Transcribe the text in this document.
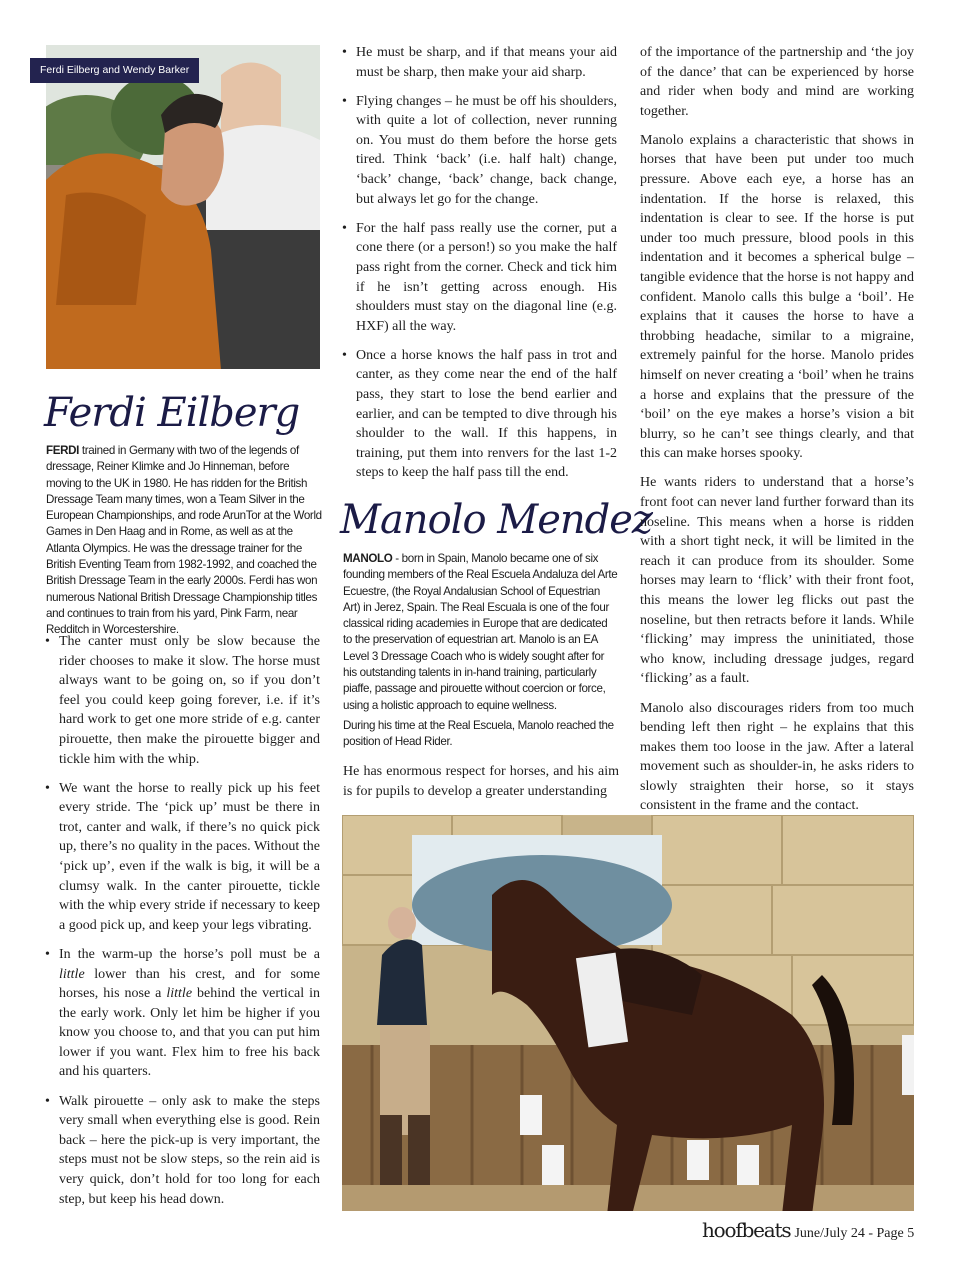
Ferdi Eilberg and Wendy Barker
Ferdi Eilberg
FERDI trained in Germany with two of the legends of dressage, Reiner Klimke and Jo Hinneman, before moving to the UK in 1980. He has ridden for the British Dressage Team many times, won a Team Silver in the European Championships, and rode ArunTor at the World Games in Den Haag and in Rome, as well as at the Atlanta Olympics. He was the dressage trainer for the British Eventing Team from 1982-1992, and coached the British Dressage Team in the early 2000s. Ferdi has won numerous National British Dressage Championship titles and continues to train from his yard, Pink Farm, near Redditch in Worcestershire.
• The canter must only be slow because the rider chooses to make it slow. The horse must always want to be going on, so if you don’t feel you could keep going forever, i.e. if it’s hard work to get one more stride of e.g. canter pirouette, then make the pirouette bigger and tickle him with the whip.
• We want the horse to really pick up his feet every stride. The ‘pick up’ must be there in trot, canter and walk, if there’s no quick pick up, there’s no quality in the paces. Without the ‘pick up’, even if the walk is big, it will be a clumsy walk. In the canter pirouette, tickle with the whip every stride if necessary to keep a good pick up, and keep your legs vibrating.
• In the warm-up the horse’s poll must be a little lower than his crest, and for some horses, his nose a little behind the vertical in the early work. Only let him be higher if you know you choose to, and that you can put him lower if you want. Flex him to free his back and his quarters.
• Walk pirouette – only ask to make the steps very small when everything else is good. Rein back – here the pick-up is very important, the steps must not be slow steps, so the rein aid is very quick, don’t hold for too long for each step, but keep his head down.
• He must be sharp, and if that means your aid must be sharp, then make your aid sharp.
• Flying changes – he must be off his shoulders, with quite a lot of collection, never running on. You must do them before the horse gets tired. Think ‘back’ (i.e. half halt) change, ‘back’ change, ‘back’ change, back change, but always let go for the change.
• For the half pass really use the corner, put a cone there (or a person!) so you make the half pass right from the corner. Check and tick him if he isn’t getting across enough. His shoulders must stay on the diagonal line (e.g. HXF) all the way.
• Once a horse knows the half pass in trot and canter, as they come near the end of the half pass, they start to lose the bend earlier and earlier, and can be tempted to dive through his shoulder to the wall. If this happens, in training, put them into renvers for the last 1-2 steps to keep the half pass till the end.
Manolo Mendez
MANOLO - born in Spain, Manolo became one of six founding members of the Real Escuela Andaluza del Arte Ecuestre, (the Royal Andalusian School of Equestrian Art) in Jerez, Spain. The Real Escuala is one of the four classical riding academies in Europe that are dedicated to the preservation of equestrian art. Manolo is an EA Level 3 Dressage Coach who is widely sought after for his outstanding talents in in-hand training, particularly piaffe, passage and pirouette without coercion or force, using a holistic approach to equine wellness.
During his time at the Real Escuela, Manolo reached the position of Head Rider.
He has enormous respect for horses, and his aim is for pupils to develop a greater understanding

of the importance of the partnership and ‘the joy of the dance’ that can be experienced by horse and rider when body and mind are working together.

Manolo explains a characteristic that shows in horses that have been put under too much pressure. Above each eye, a horse has an indentation. If the horse is relaxed, this indentation is clear to see. If the horse is put under too much pressure, blood pools in this indentation and it becomes a spherical bulge – tangible evidence that the horse is not happy and confident. Manolo calls this bulge a ‘boil’. He explains that it causes the horse to have a throbbing headache, similar to a migraine, extremely painful for the horse. Manolo prides himself on never creating a ‘boil’ when he trains a horse and explains that the pressure of the ‘boil’ on the eye makes a horse’s vision a bit blurry, so he can’t see things clearly, and that this can make horses spooky.

He wants riders to understand that a horse’s front foot can never land further forward than its noseline. This means when a horse is ridden with a short tight neck, it will be limited in the reach it can produce from its shoulder. Some horses may learn to ‘flick’ with their front foot, this means the lower leg flicks out past the noseline, but then retracts before it lands. While ‘flicking’ may impress the uninitiated, those who know, including dressage judges, regard ‘flicking’ as a fault.

Manolo also discourages riders from too much bending left then right – he explains that this makes them too loose in the jaw. After a lateral movement such as shoulder-in, he asks riders to slowly straighten their horse, so it stays consistent in the frame and the contact.

hoofbeats June/July 24 - Page 5
